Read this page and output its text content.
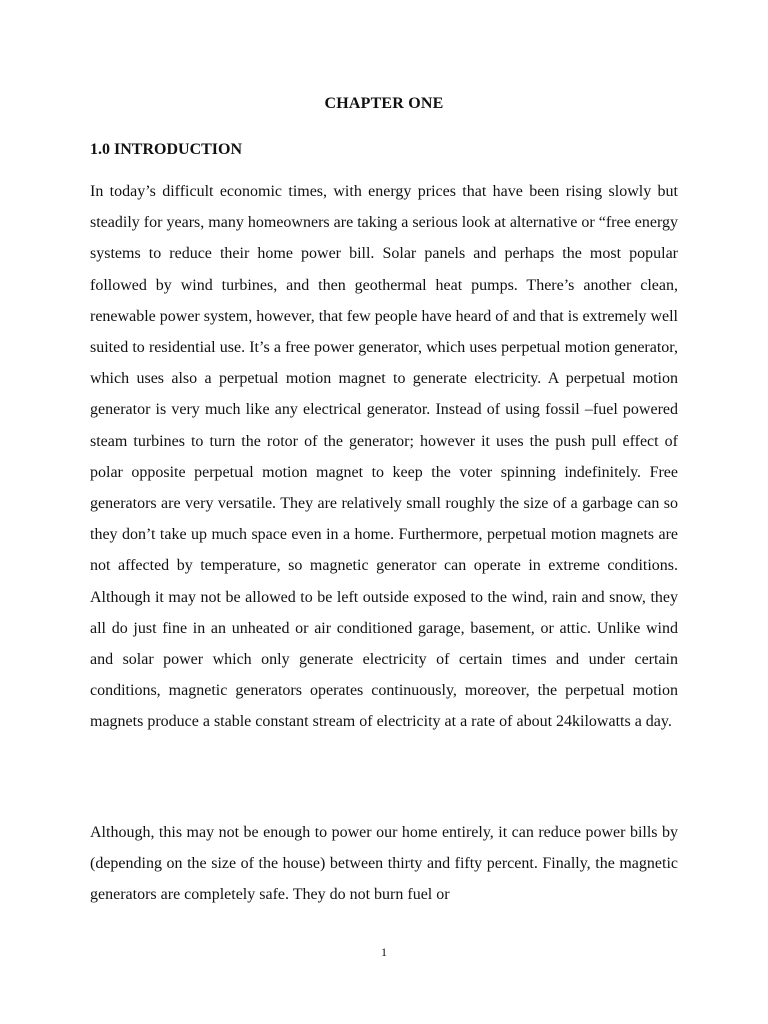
CHAPTER ONE
1.0 INTRODUCTION

In today’s difficult economic times, with energy prices that have been rising slowly but steadily for years, many homeowners are taking a serious look at alternative or “free energy systems to reduce their home power bill. Solar panels and perhaps the most popular followed by wind turbines, and then geothermal heat pumps. There’s another clean, renewable power system, however, that few people have heard of and that is extremely well suited to residential use. It’s a free power generator, which uses perpetual motion generator, which uses also a perpetual motion magnet to generate electricity. A perpetual motion generator is very much like any electrical generator. Instead of using fossil –fuel powered steam turbines to turn the rotor of the generator; however it uses the push pull effect of polar opposite perpetual motion magnet to keep the voter spinning indefinitely. Free generators are very versatile. They are relatively small roughly the size of a garbage can so they don’t take up much space even in a home. Furthermore, perpetual motion magnets are not affected by temperature, so magnetic generator can operate in extreme conditions. Although it may not be allowed to be left outside exposed to the wind, rain and snow, they all do just fine in an unheated or air conditioned garage, basement, or attic. Unlike wind and solar power which only generate electricity of certain times and under certain conditions, magnetic generators operates continuously, moreover, the perpetual motion magnets produce a stable constant stream of electricity at a rate of about 24kilowatts a day.

Although, this may not be enough to power our home entirely, it can reduce power bills by (depending on the size of the house) between thirty and fifty percent. Finally, the magnetic generators are completely safe. They do not burn fuel or

1
